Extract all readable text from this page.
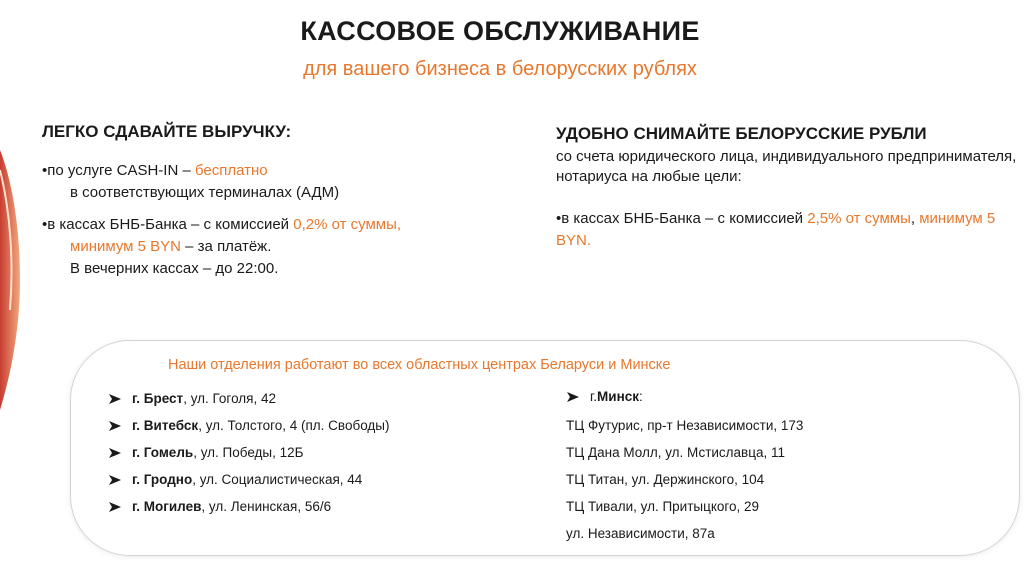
КАССОВОЕ ОБСЛУЖИВАНИЕ
для вашего бизнеса в белорусских рублях
ЛЕГКО СДАВАЙТЕ ВЫРУЧКУ:
•по услуге CASH-IN – бесплатно
в соответствующих терминалах (АДМ)
•в кассах БНБ-Банка – с комиссией 0,2% от суммы,
минимум 5 BYN – за платёж.
В вечерних кассах – до 22:00.
УДОБНО СНИМАЙТЕ БЕЛОРУССКИЕ РУБЛИ
со счета юридического лица, индивидуального предпринимателя,
нотариуса на любые цели:
•в кассах БНБ-Банка – с комиссией 2,5% от суммы, минимум 5
BYN.
Наши отделения работают во всех областных центрах Беларуси и Минске
г. Брест , ул. Гоголя, 42
г. Витебск , ул. Толстого, 4 (пл. Свободы)
г. Гомель , ул. Победы, 12Б
г. Гродно , ул. Социалистическая, 44
г. Могилев , ул. Ленинская, 56/6
г. Минск :
ТЦ Футурис, пр-т Независимости, 173
ТЦ Дана Молл, ул. Мстиславца, 11
ТЦ Титан, ул. Держинского, 104
ТЦ Тивали, ул. Притыцкого, 29
ул. Независимости, 87а
